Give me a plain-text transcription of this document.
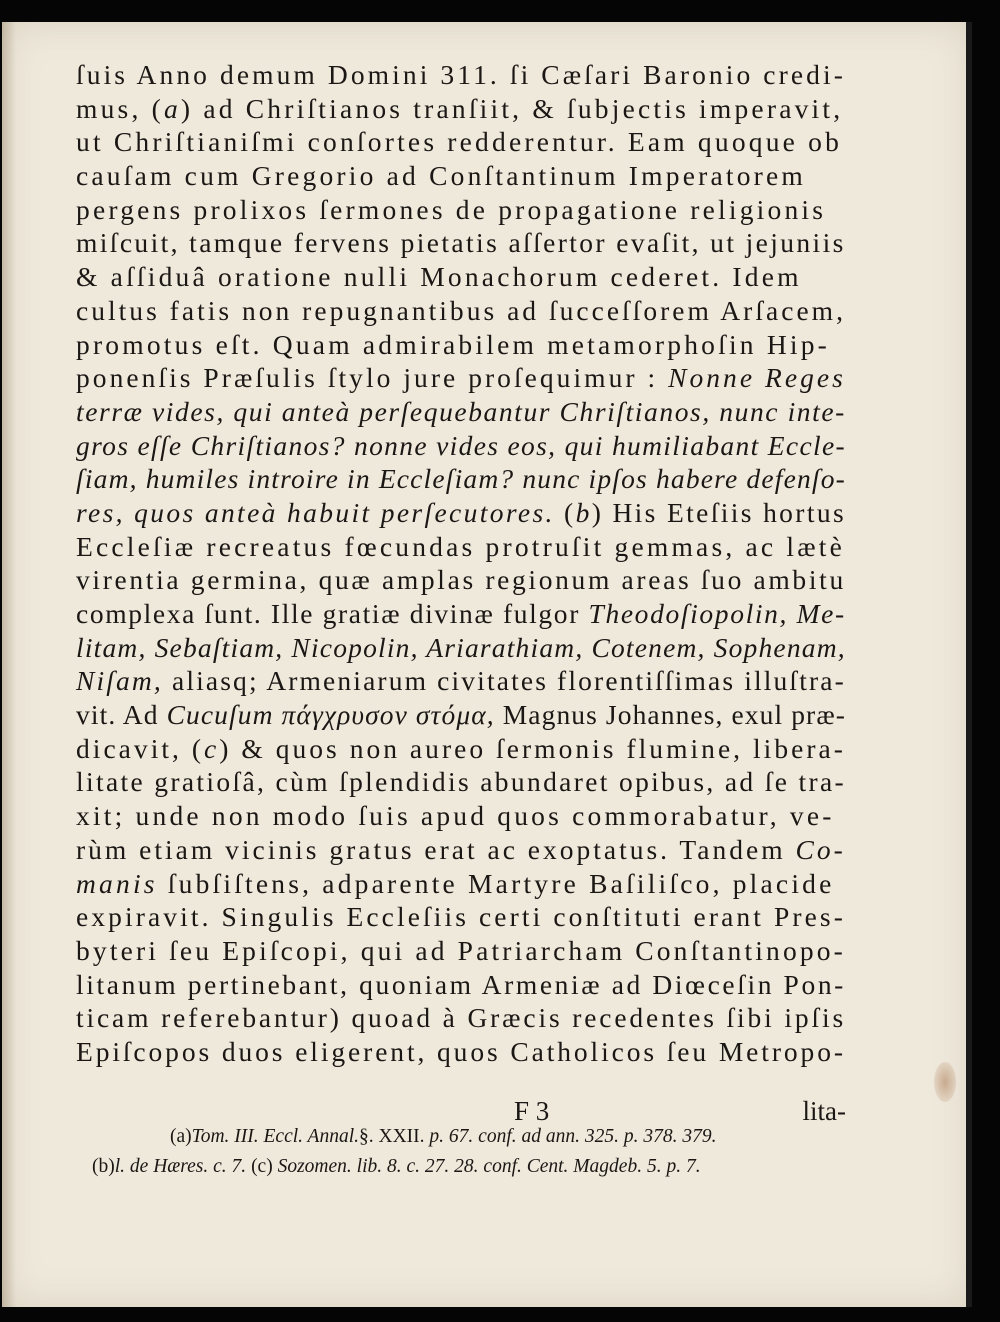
ſuis Anno demum Domini 311. ſi Cæſari Baronio credi-
mus, (a) ad Chriſtianos tranſiit, & ſubjectis imperavit,
ut Chriſtianiſmi conſortes redderentur. Eam quoque ob
cauſam cum Gregorio ad Conſtantinum Imperatorem
pergens prolixos ſermones de propagatione religionis
miſcuit, tamque fervens pietatis aſſertor evaſit, ut jejuniis
& aſſiduâ oratione nulli Monachorum cederet. Idem
cultus fatis non repugnantibus ad ſucceſſorem Arſacem,
promotus eſt. Quam admirabilem metamorphoſin Hip-
ponenſis Præſulis ſtylo jure proſequimur : Nonne Reges
terræ vides, qui anteà perſequebantur Chriſtianos, nunc inte-
gros eſſe Chriſtianos? nonne vides eos, qui humiliabant Eccle-
ſiam, humiles introire in Eccleſiam? nunc ipſos habere defenſo-
res, quos anteà habuit perſecutores. (b) His Eteſiis hortus
Eccleſiæ recreatus fœcundas protruſit gemmas, ac lætè
virentia germina, quæ amplas regionum areas ſuo ambitu
complexa ſunt. Ille gratiæ divinæ fulgor Theodoſiopolin, Me-
litam, Sebaſtiam, Nicopolin, Ariarathiam, Cotenem, Sophenam,
Niſam, aliasq; Armeniarum civitates florentiſſimas illuſtra-
vit. Ad Cucuſum πάγχρυσον στόμα, Magnus Johannes, exul præ-
dicavit, (c) & quos non aureo ſermonis flumine, libera-
litate gratioſâ, cùm ſplendidis abundaret opibus, ad ſe tra-
xit; unde non modo ſuis apud quos commorabatur, ve-
rùm etiam vicinis gratus erat ac exoptatus. Tandem Co-
manis ſubſiſtens, adparente Martyre Baſiliſco, placide
expiravit. Singulis Eccleſiis certi conſtituti erant Pres-
byteri ſeu Epiſcopi, qui ad Patriarcham Conſtantinopo-
litanum pertinebant, quoniam Armeniæ ad Diœceſin Pon-
ticam referebantur) quoad à Græcis recedentes ſibi ipſis
Epiſcopos duos eligerent, quos Catholicos ſeu Metropo-
F 3	lita-
(a)Tom. III. Eccl. Annal.§. XXII. p. 67. conf. ad ann. 325. p. 378. 379.
(b)l. de Hæres. c. 7. (c) Sozomen. lib. 8. c. 27. 28. conf. Cent. Magdeb. 5. p. 7.
